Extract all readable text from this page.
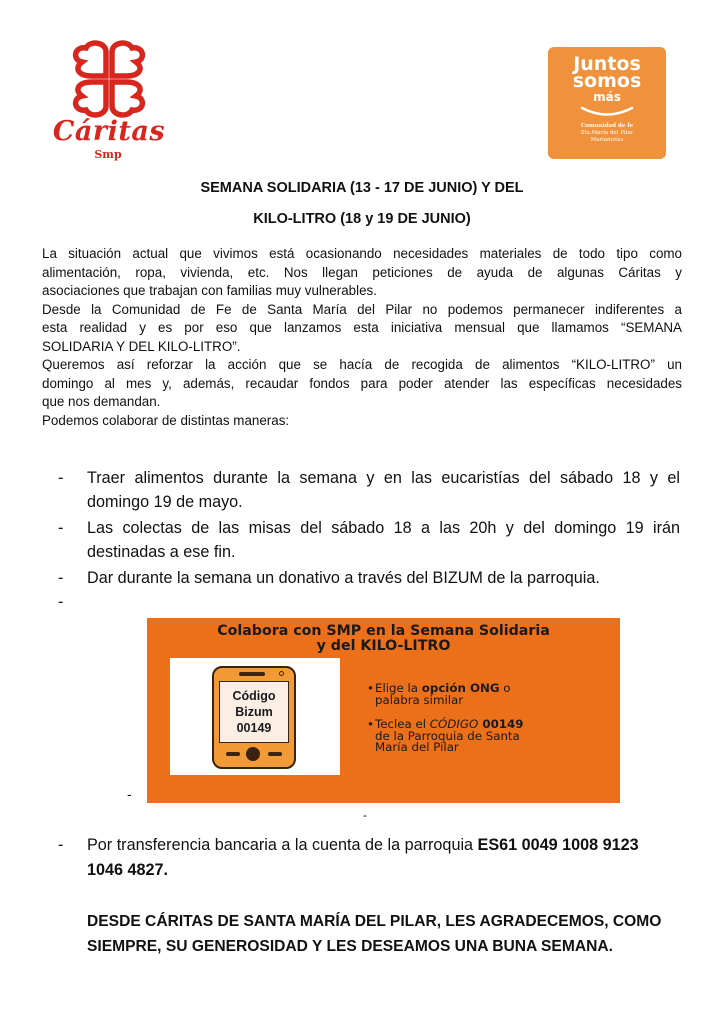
Cáritas
Smp
Juntos
somos
más
Comunidad de fe
Sta.María del Pilar
Marianistas
SEMANA SOLIDARIA (13 - 17 DE JUNIO) Y DEL
KILO-LITRO (18 y 19 DE JUNIO)

La situación actual que vivimos está ocasionando necesidades materiales de todo tipo como

alimentación, ropa, vivienda, etc. Nos llegan peticiones de ayuda de algunas Cáritas y

asociaciones que trabajan con familias muy vulnerables.

Desde la Comunidad de Fe de Santa María del Pilar no podemos permanecer indiferentes a

esta realidad y es por eso que lanzamos esta iniciativa mensual que llamamos “SEMANA

SOLIDARIA Y DEL KILO-LITRO”.

Queremos así reforzar la acción que se hacía de recogida de alimentos “KILO-LITRO” un

domingo al mes y, además, recaudar fondos para poder atender las específicas necesidades

que nos demandan.

Podemos colaborar de distintas maneras:

- Traer alimentos durante la semana y en las eucaristías del sábado 18 y el
domingo 19 de mayo.
- Las colectas de las misas del sábado 18 a las 20h y del domingo 19 irán
destinadas a ese fin.
- Dar durante la semana un donativo a través del BIZUM de la parroquia.
-
Colabora con SMP en la Semana Solidaria
y del KILO-LITRO
Código
Bizum
00149
• Elige la opción ONG o
palabra similar
• Teclea el CÓDIGO 00149
de la Parroquia de Santa
María del Pilar
-
-
- Por transferencia bancaria a la cuenta de la parroquia ES61 0049 1008 9123
1046 4827.
DESDE CÁRITAS DE SANTA MARÍA DEL PILAR, LES AGRADECEMOS, COMO
SIEMPRE, SU GENEROSIDAD Y LES DESEAMOS UNA BUNA SEMANA.
